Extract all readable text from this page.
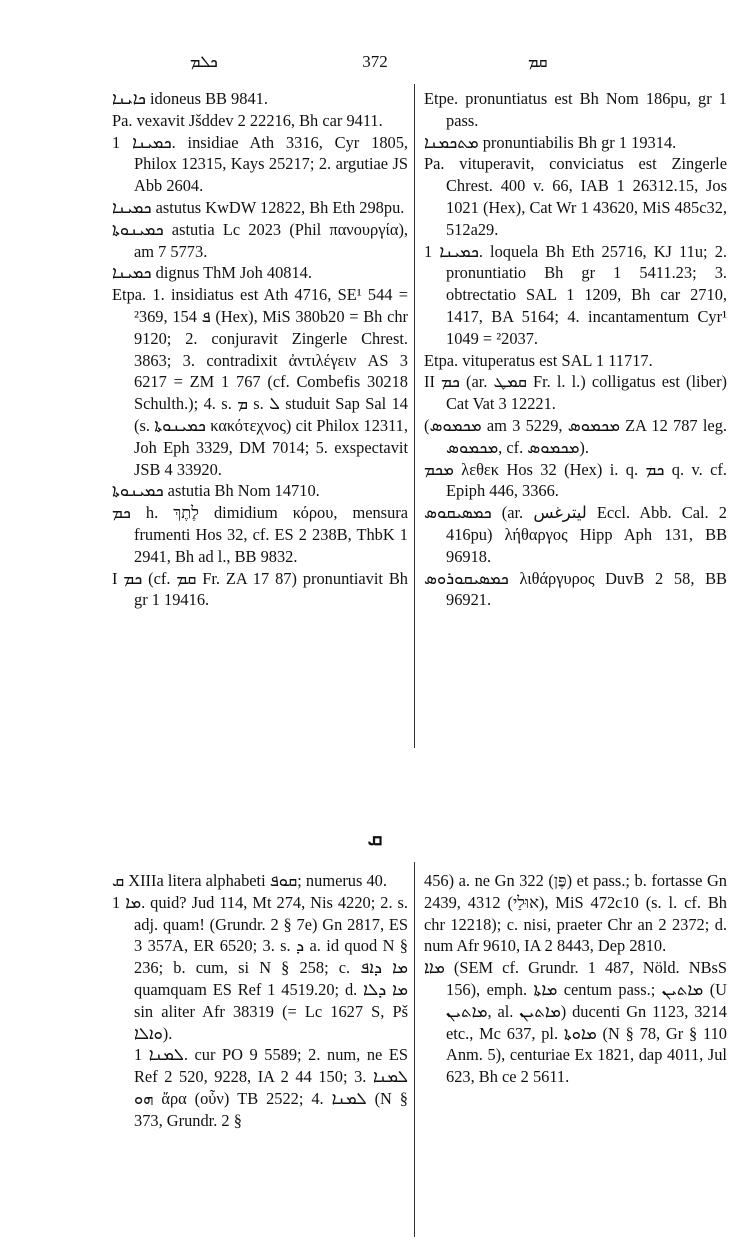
ܟܠܡ	372	ܩܡ

ܟܐܝܢܐ idoneus BB 9841.

Pa. vexavit Jšddev 2 22216, Bh car 9411.

ܟܡܝܢܐ 1. insidiae Ath 3316, Cyr 1805, Philox 12315, Kays 25217; 2. argutiae JS Abb 2604.

ܟܡܝܢܐ astutus KwDW 12822, Bh Eth 298pu.

ܟܡܝܢܘܬܐ astutia Lc 2023 (Phil πανουργία), am 7 5773.

ܟܡܝܢܐ dignus ThM Joh 40814.

Etpa. 1. insidiatus est Ath 4716, SE¹ 544 = ²369, ܦ 154 (Hex), MiS 380b20 = Bh chr 9120; 2. conjuravit Zingerle Chrest. 3863; 3. contradixit ἀντιλέγειν AS 3 6217 = ZM 1 767 (cf. Combefis 30218 Schulth.); 4. s. ܡ s. ܠ studuit Sap Sal 14 (s. ܟܡܝܢܘܬܐ κακότεχνος) cit Philox 12311, Joh Eph 3329, DM 7014; 5. exspectavit JSB 4 33920.

ܟܡܝܢܘܬܐ astutia Bh Nom 14710.

ܟܡ h. לֶתֶךְ dimidium κόρου, mensura frumenti Hos 32, cf. ES 2 238B, ThbK 1 2941, Bh ad l., BB 9832.

I ܟܡ (cf. ܩܡ Fr. ZA 17 87) pronuntiavit Bh gr 1 19416.

Etpe. pronuntiatus est Bh Nom 186pu, gr 1 pass.

ܡܬܟܡܢܐ pronuntiabilis Bh gr 1 19314.

Pa. vituperavit, conviciatus est Zingerle Chrest. 400 v. 66, IAB 1 26312.15, Jos 1021 (Hex), Cat Wr 1 43620, MiS 485c32, 512a29.

ܟܡܝܢܐ 1. loquela Bh Eth 25716, KJ 11u; 2. pronuntiatio Bh gr 1 5411.23; 3. obtrectatio SAL 1 1209, Bh car 2710, 1417, BA 5164; 4. incantamentum Cyr¹ 1049 = ²2037.

Etpa. vituperatus est SAL 1 11717.

II ܟܡ (ar. ܩܡܛ Fr. l. l.) colligatus est (liber) Cat Vat 3 12221.

(ܡܟܡܘܣ am 3 5229, ܡܟܡܘܣ ZA 12 787 leg. ܡܟܡܘܣ, cf. ܡܟܡܘܣ).

ܡܟܡ λεθεκ Hos 32 (Hex) i. q. ܟܡ q. v. cf. Epiph 446, 3366.

ܟܡܣܝܩܘܣ (ar. ليترغس Eccl. Abb. Cal. 2 416pu) λήθαργος Hipp Aph 131, BB 96918.

ܟܡܣܝܩܘܪܘܣ λιθάργυρος DuvB 2 58, BB 96921.

ܩ

ܩ XIIIa litera alphabeti ܩܘܦ; numerus 40.

ܡܐ 1. quid? Jud 114, Mt 274, Nis 4220; 2. s. adj. quam! (Grundr. 2 § 7e) Gn 2817, ES 3 357A, ER 6520; 3. s. ܕ a. id quod N § 236; b. cum, si N § 258; c. ܡܐ ܕܐܦ quamquam ES Ref 1 4519.20; d. ܡܐ ܕܠܐ sin aliter Afr 38319 (= Lc 1627 S, Pš ܘܐܠܐ).

ܠܡܢܐ 1. cur PO 9 5589; 2. num, ne ES Ref 2 520, 9228, IA 2 44 150; 3. ܠܡܢܐ ܗܘ ἄρα (οὖν) TB 2522; 4. ܠܡܢܐ (N § 373, Grundr. 2 §

456) a. ne Gn 322 (פֶּן) et pass.; b. fortasse Gn 2439, 4312 (אוּלַי), MiS 472c10 (s. l. cf. Bh chr 12218); c. nisi, praeter Chr an 2 2372; d. num Afr 9610, IA 2 8443, Dep 2810.

ܡܐܐ (SEM cf. Grundr. 1 487, Nöld. NBsS 156), emph. ܡܐܬܐ centum pass.; ܡܐܬܝܢ (U ܡܐܬܝܢ, al. ܡܐܬܝܢ) ducenti Gn 1123, 3214 etc., Mc 637, pl. ܡܐܘܬܐ (N § 78, Gr § 110 Anm. 5), centuriae Ex 1821, dap 4011, Jul 623, Bh ce 2 5611.
